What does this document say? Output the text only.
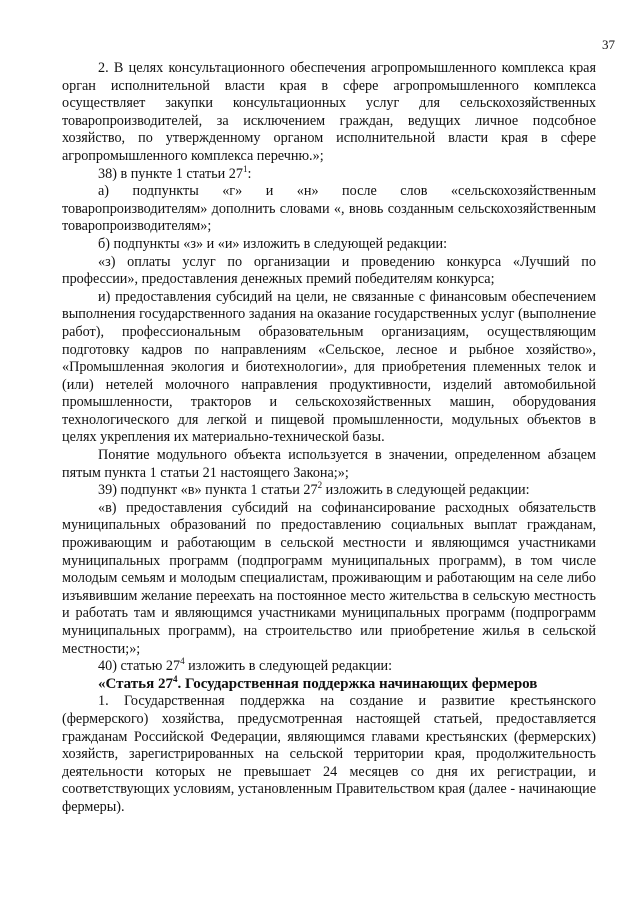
37

2. В целях консультационного обеспечения агропромышленного комплекса края орган исполнительной власти края в сфере агропромышленного комплекса осуществляет закупки консультационных услуг для сельскохозяйственных товаропроизводителей, за исключением граждан, ведущих личное подсобное хозяйство, по утвержденному органом исполнительной власти края в сфере агропромышленного комплекса перечню.»;

38) в пункте 1 статьи $27^1$:

а) подпункты «г» и «н» после слов «сельскохозяйственным товаропроизводителям» дополнить словами «, вновь созданным сельскохозяйственным товаропроизводителям»;

б) подпункты «з» и «и» изложить в следующей редакции:

«з) оплаты услуг по организации и проведению конкурса «Лучший по профессии», предоставления денежных премий победителям конкурса;

и) предоставления субсидий на цели, не связанные с финансовым обеспечением выполнения государственного задания на оказание государственных услуг (выполнение работ), профессиональным образовательным организациям, осуществляющим подготовку кадров по направлениям «Сельское, лесное и рыбное хозяйство», «Промышленная экология и биотехнологии», для приобретения племенных телок и (или) нетелей молочного направления продуктивности, изделий автомобильной промышленности, тракторов и сельскохозяйственных машин, оборудования технологического для легкой и пищевой промышленности, модульных объектов в целях укрепления их материально-технической базы.

Понятие модульного объекта используется в значении, определенном абзацем пятым пункта 1 статьи 21 настоящего Закона;»;

39) подпункт «в» пункта 1 статьи $27^2$ изложить в следующей редакции:

«в) предоставления субсидий на софинансирование расходных обязательств муниципальных образований по предоставлению социальных выплат гражданам, проживающим и работающим в сельской местности и являющимся участниками муниципальных программ (подпрограмм муниципальных программ), в том числе молодым семьям и молодым специалистам, проживающим и работающим на селе либо изъявившим желание переехать на постоянное место жительства в сельскую местность и работать там и являющимся участниками муниципальных программ (подпрограмм муниципальных программ), на строительство или приобретение жилья в сельской местности;»;

40) статью $27^4$ изложить в следующей редакции:

«Статья $27^4$. Государственная поддержка начинающих фермеров

1. Государственная поддержка на создание и развитие крестьянского (фермерского) хозяйства, предусмотренная настоящей статьей, предоставляется гражданам Российской Федерации, являющимся главами крестьянских (фермерских) хозяйств, зарегистрированных на сельской территории края, продолжительность деятельности которых не превышает 24 месяцев со дня их регистрации, и соответствующих условиям, установленным Правительством края (далее - начинающие фермеры).
